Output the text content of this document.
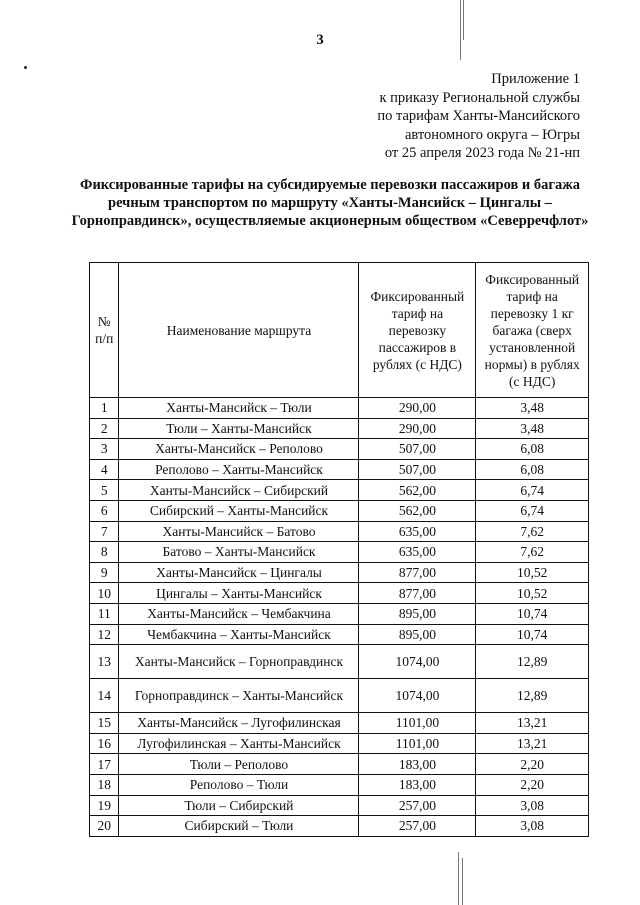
3
Приложение 1
к приказу Региональной службы
по тарифам Ханты-Мансийского
автономного округа – Югры
от 25 апреля 2023 года № 21-нп
Фиксированные тарифы на субсидируемые перевозки пассажиров и багажа речным транспортом по маршруту «Ханты-Мансийск – Цингалы – Горноправдинск», осуществляемые акционерным обществом «Северречфлот»
№ п/п	Наименование маршрута	Фиксированный тариф на перевозку пассажиров в рублях (с НДС)	Фиксированный тариф на перевозку 1 кг багажа (сверх установленной нормы) в рублях (с НДС)
1	Ханты-Мансийск – Тюли	290,00	3,48
2	Тюли – Ханты-Мансийск	290,00	3,48
3	Ханты-Мансийск – Реполово	507,00	6,08
4	Реполово – Ханты-Мансийск	507,00	6,08
5	Ханты-Мансийск – Сибирский	562,00	6,74
6	Сибирский – Ханты-Мансийск	562,00	6,74
7	Ханты-Мансийск – Батово	635,00	7,62
8	Батово – Ханты-Мансийск	635,00	7,62
9	Ханты-Мансийск – Цингалы	877,00	10,52
10	Цингалы – Ханты-Мансийск	877,00	10,52
11	Ханты-Мансийск – Чембакчина	895,00	10,74
12	Чембакчина – Ханты-Мансийск	895,00	10,74
13	Ханты-Мансийск – Горноправдинск	1074,00	12,89
14	Горноправдинск – Ханты-Мансийск	1074,00	12,89
15	Ханты-Мансийск – Лугофилинская	1101,00	13,21
16	Лугофилинская – Ханты-Мансийск	1101,00	13,21
17	Тюли – Реполово	183,00	2,20
18	Реполово – Тюли	183,00	2,20
19	Тюли – Сибирский	257,00	3,08
20	Сибирский – Тюли	257,00	3,08
